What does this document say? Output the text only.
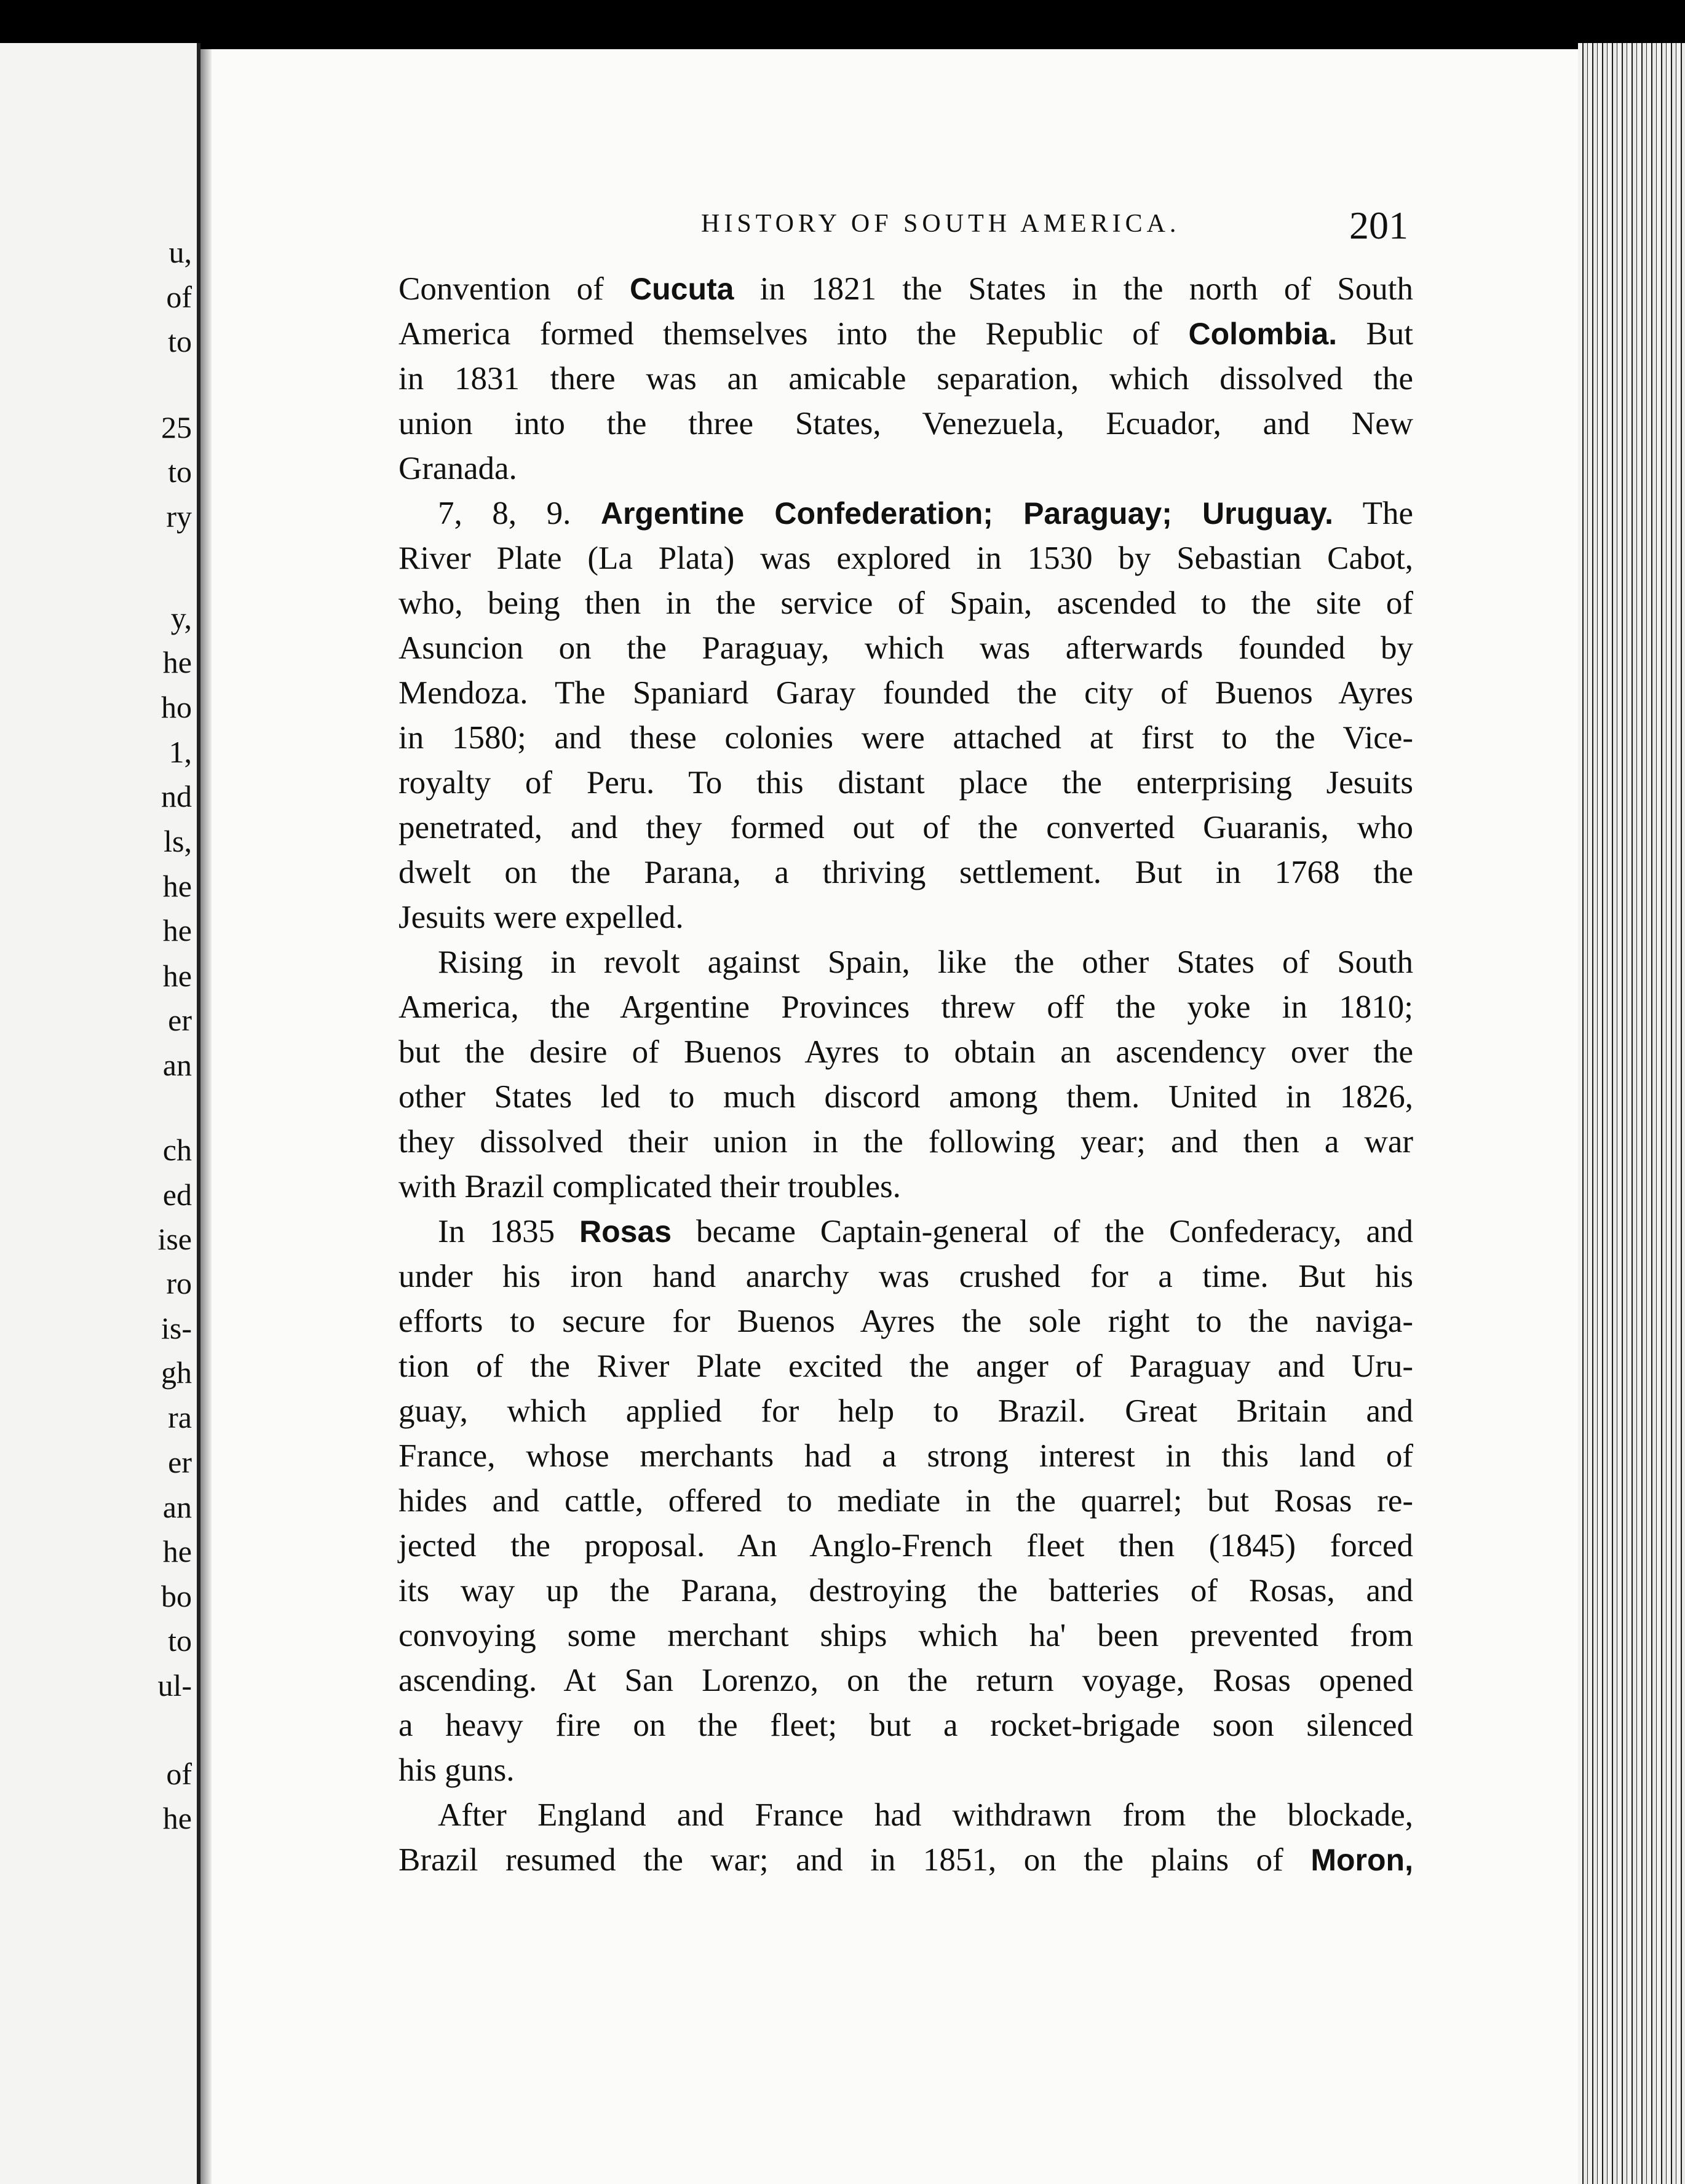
u,

of

to

25

to

ry

y,

he

ho

1,

nd

ls,

he

he

he

er

an

ch

ed

ise

ro

is-

gh

ra

er

an

he

bo

to

ul-

of

he

HISTORY OF SOUTH AMERICA.	201

Convention of Cucuta in 1821 the States in the north of South
America formed themselves into the Republic of Colombia. But
in 1831 there was an amicable separation, which dissolved the
union into the three States, Venezuela, Ecuador, and New
Granada.
7, 8, 9. Argentine Confederation; Paraguay; Uruguay. The
River Plate (La Plata) was explored in 1530 by Sebastian Cabot,
who, being then in the service of Spain, ascended to the site of
Asuncion on the Paraguay, which was afterwards founded by
Mendoza. The Spaniard Garay founded the city of Buenos Ayres
in 1580; and these colonies were attached at first to the Vice-
royalty of Peru. To this distant place the enterprising Jesuits
penetrated, and they formed out of the converted Guaranis, who
dwelt on the Parana, a thriving settlement. But in 1768 the
Jesuits were expelled.
Rising in revolt against Spain, like the other States of South
America, the Argentine Provinces threw off the yoke in 1810;
but the desire of Buenos Ayres to obtain an ascendency over the
other States led to much discord among them. United in 1826,
they dissolved their union in the following year; and then a war
with Brazil complicated their troubles.
In 1835 Rosas became Captain-general of the Confederacy, and
under his iron hand anarchy was crushed for a time. But his
efforts to secure for Buenos Ayres the sole right to the naviga-
tion of the River Plate excited the anger of Paraguay and Uru-
guay, which applied for help to Brazil. Great Britain and
France, whose merchants had a strong interest in this land of
hides and cattle, offered to mediate in the quarrel; but Rosas re-
jected the proposal. An Anglo-French fleet then (1845) forced
its way up the Parana, destroying the batteries of Rosas, and
convoying some merchant ships which ha' been prevented from
ascending. At San Lorenzo, on the return voyage, Rosas opened
a heavy fire on the fleet; but a rocket-brigade soon silenced
his guns.
After England and France had withdrawn from the blockade,
Brazil resumed the war; and in 1851, on the plains of Moron,
